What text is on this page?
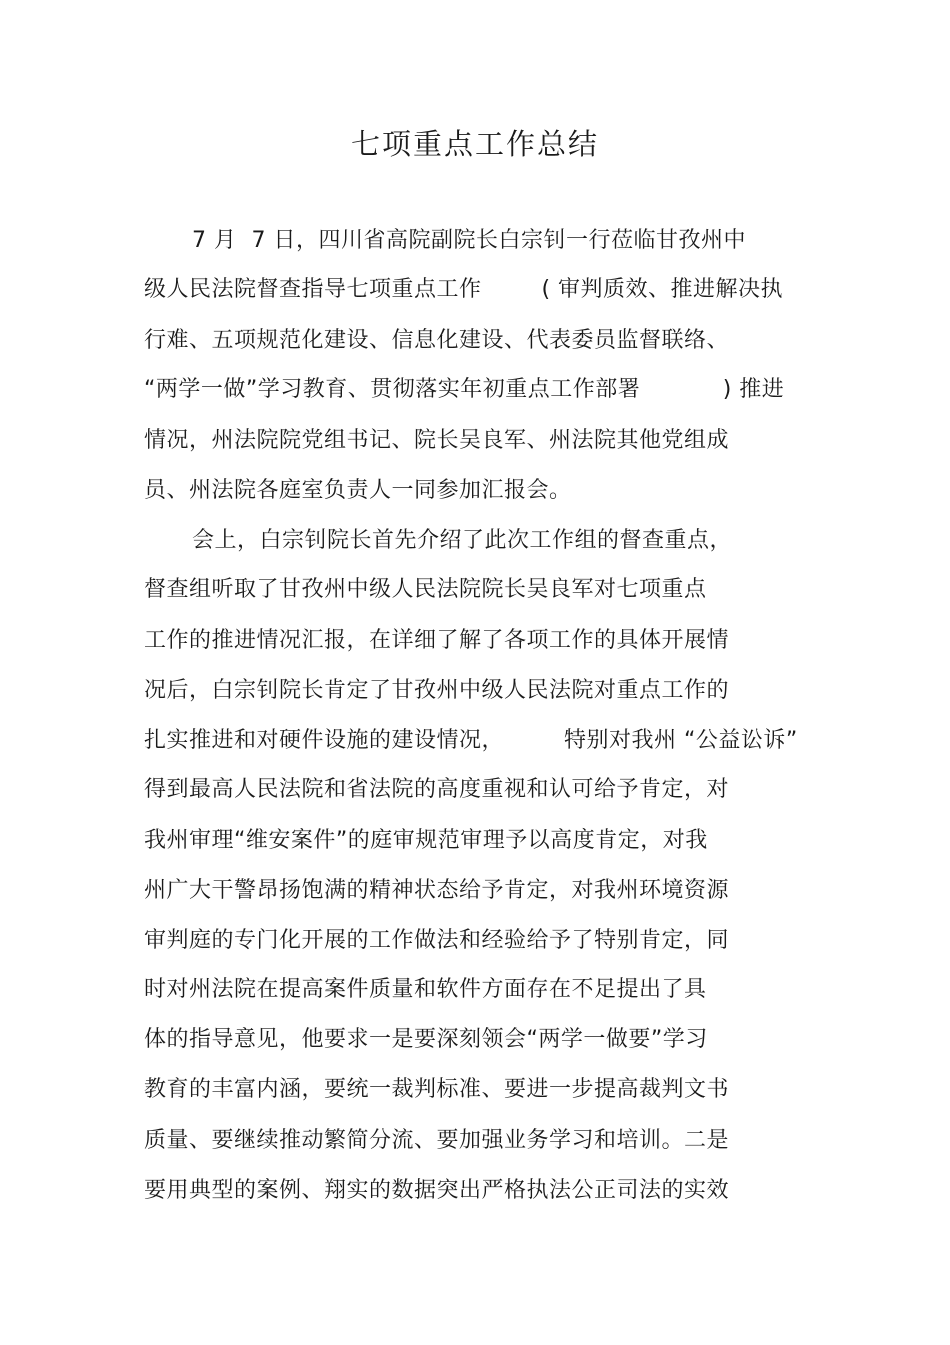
七项重点工作总结
7 月  7 日，四川省高院副院长白宗钊一行莅临甘孜州中
级人民法院督查指导七项重点工作        ( 审判质效、推进解决执
行难、五项规范化建设、信息化建设、代表委员监督联络、
“两学一做”学习教育、贯彻落实年初重点工作部署           ) 推进
情况，州法院院党组书记、院长吴良军、州法院其他党组成
员、州法院各庭室负责人一同参加汇报会。
会上，白宗钊院长首先介绍了此次工作组的督查重点，
督查组听取了甘孜州中级人民法院院长吴良军对七项重点
工作的推进情况汇报，在详细了解了各项工作的具体开展情
况后，白宗钊院长肯定了甘孜州中级人民法院对重点工作的
扎实推进和对硬件设施的建设情况，        特别对我州 “公益讼诉”
得到最高人民法院和省法院的高度重视和认可给予肯定，对
我州审理“维安案件”的庭审规范审理予以高度肯定，对我
州广大干警昂扬饱满的精神状态给予肯定，对我州环境资源
审判庭的专门化开展的工作做法和经验给予了特别肯定，同
时对州法院在提高案件质量和软件方面存在不足提出了具
体的指导意见，他要求一是要深刻领会“两学一做要”学习
教育的丰富内涵，要统一裁判标准、要进一步提高裁判文书
质量、要继续推动繁简分流、要加强业务学习和培训。二是
要用典型的案例、翔实的数据突出严格执法公正司法的实效
